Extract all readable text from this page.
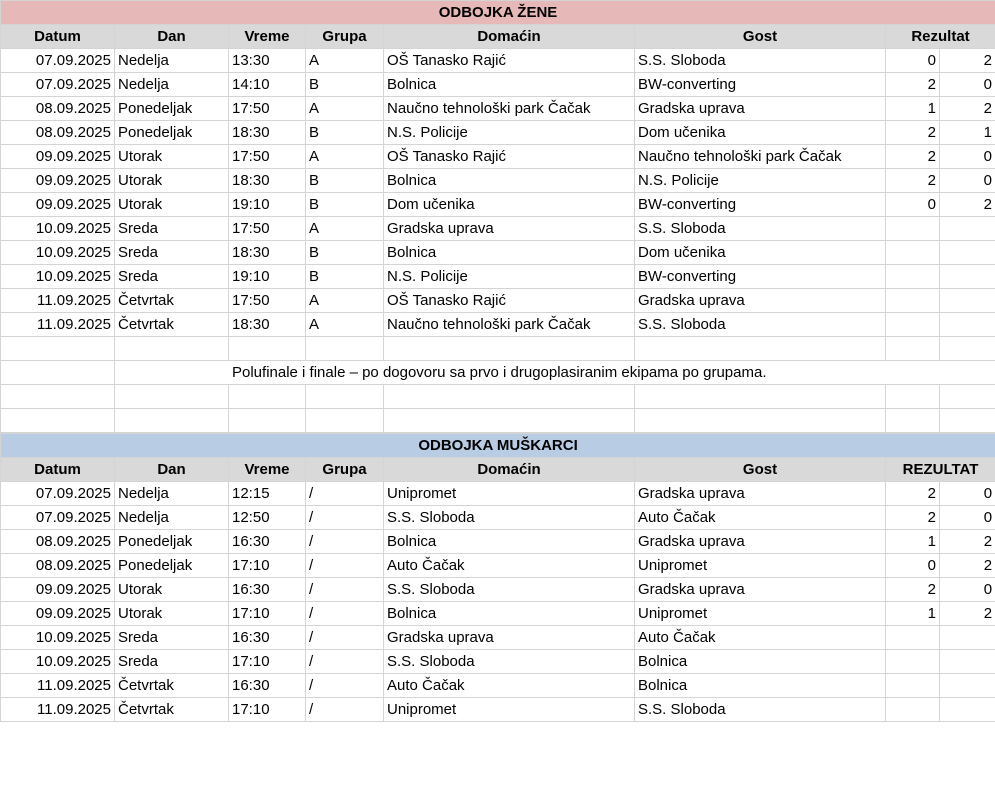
ODBOJKA ŽENE							
Datum	Dan	Vreme	Grupa	Domaćin	Gost	Rezultat	
07.09.2025	Nedelja	13:30	A	OŠ Tanasko Rajić	S.S. Sloboda	0	2
07.09.2025	Nedelja	14:10	B	Bolnica	BW-converting	2	0
08.09.2025	Ponedeljak	17:50	A	Naučno tehnološki park Čačak	Gradska uprava	1	2
08.09.2025	Ponedeljak	18:30	B	N.S. Policije	Dom učenika	2	1
09.09.2025	Utorak	17:50	A	OŠ Tanasko Rajić	Naučno tehnološki park Čačak	2	0
09.09.2025	Utorak	18:30	B	Bolnica	N.S. Policije	2	0
09.09.2025	Utorak	19:10	B	Dom učenika	BW-converting	0	2
10.09.2025	Sreda	17:50	A	Gradska uprava	S.S. Sloboda		
10.09.2025	Sreda	18:30	B	Bolnica	Dom učenika		
10.09.2025	Sreda	19:10	B	N.S. Policije	BW-converting		
11.09.2025	Četvrtak	17:50	A	OŠ Tanasko Rajić	Gradska uprava		
11.09.2025	Četvrtak	18:30	A	Naučno tehnološki park Čačak	S.S. Sloboda		

	Polufinale i finale – po dogovoru sa prvo i drugoplasiranim ekipama po grupama.						

ODBOJKA MUŠKARCI							
Datum	Dan	Vreme	Grupa	Domaćin	Gost	REZULTAT	
07.09.2025	Nedelja	12:15	/	Unipromet	Gradska uprava	2	0
07.09.2025	Nedelja	12:50	/	S.S. Sloboda	Auto Čačak	2	0
08.09.2025	Ponedeljak	16:30	/	Bolnica	Gradska uprava	1	2
08.09.2025	Ponedeljak	17:10	/	Auto Čačak	Unipromet	0	2
09.09.2025	Utorak	16:30	/	S.S. Sloboda	Gradska uprava	2	0
09.09.2025	Utorak	17:10	/	Bolnica	Unipromet	1	2
10.09.2025	Sreda	16:30	/	Gradska uprava	Auto Čačak		
10.09.2025	Sreda	17:10	/	S.S. Sloboda	Bolnica		
11.09.2025	Četvrtak	16:30	/	Auto Čačak	Bolnica		
11.09.2025	Četvrtak	17:10	/	Unipromet	S.S. Sloboda		
